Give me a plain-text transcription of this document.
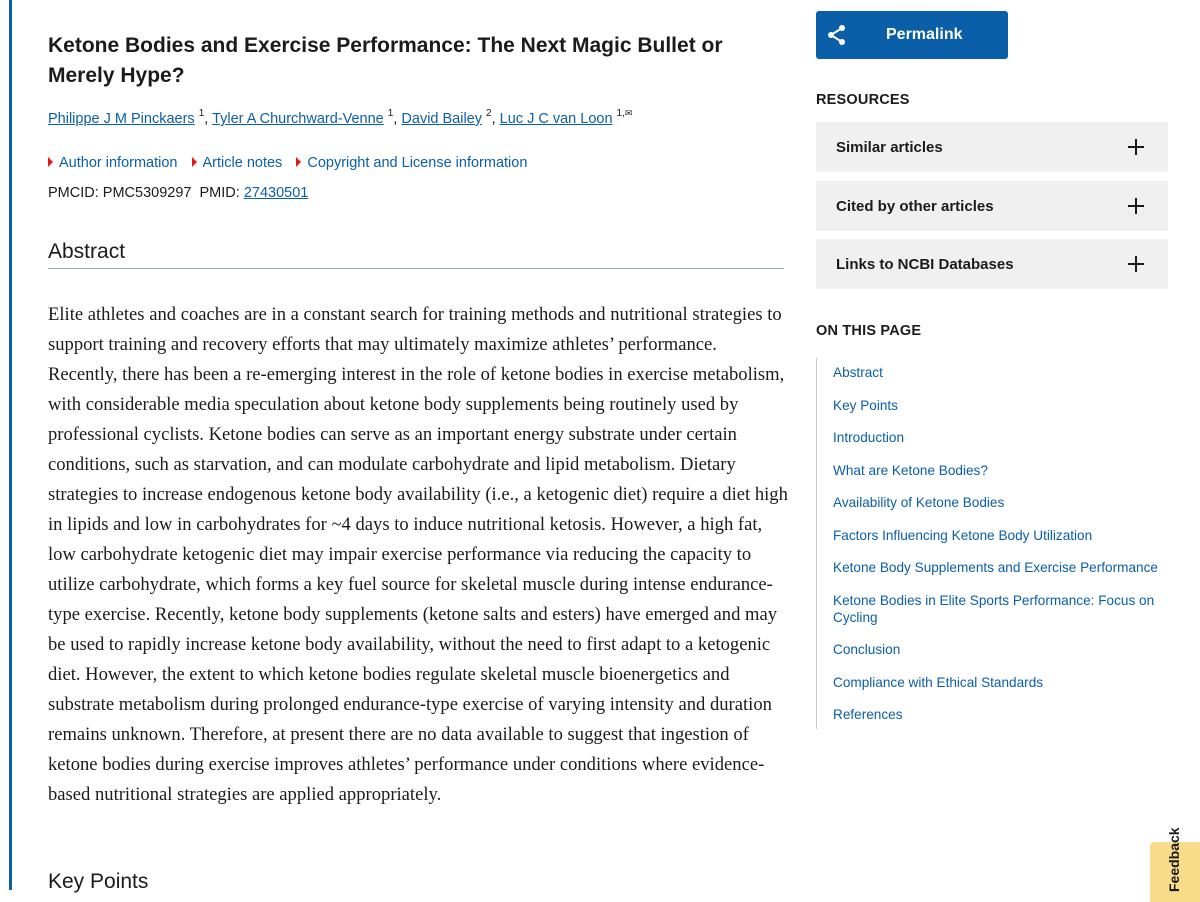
Ketone Bodies and Exercise Performance: The Next Magic Bullet or Merely Hype?
Philippe J M Pinckaers $^1$, Tyler A Churchward-Venne $^1$, David Bailey $^2$, Luc J C van Loon $^{1,✉}$
Author information Article notes Copyright and License information
PMCID: PMC5309297 PMID: 27430501
Abstract

Elite athletes and coaches are in a constant search for training methods and nutritional strategies to support training and recovery efforts that may ultimately maximize athletes’ performance. Recently, there has been a re-emerging interest in the role of ketone bodies in exercise metabolism, with considerable media speculation about ketone body supplements being routinely used by professional cyclists. Ketone bodies can serve as an important energy substrate under certain conditions, such as starvation, and can modulate carbohydrate and lipid metabolism. Dietary strategies to increase endogenous ketone body availability (i.e., a ketogenic diet) require a diet high in lipids and low in carbohydrates for ~4 days to induce nutritional ketosis. However, a high fat, low carbohydrate ketogenic diet may impair exercise performance via reducing the capacity to utilize carbohydrate, which forms a key fuel source for skeletal muscle during intense endurance-type exercise. Recently, ketone body supplements (ketone salts and esters) have emerged and may be used to rapidly increase ketone body availability, without the need to first adapt to a ketogenic diet. However, the extent to which ketone bodies regulate skeletal muscle bioenergetics and substrate metabolism during prolonged endurance-type exercise of varying intensity and duration remains unknown. Therefore, at present there are no data available to suggest that ingestion of ketone bodies during exercise improves athletes’ performance under conditions where evidence-based nutritional strategies are applied appropriately.

Key Points
Permalink
RESOURCES
Similar articles
Cited by other articles
Links to NCBI Databases
ON THIS PAGE
Abstract
Key Points
Introduction
What are Ketone Bodies?
Availability of Ketone Bodies
Factors Influencing Ketone Body Utilization
Ketone Body Supplements and Exercise Performance
Ketone Bodies in Elite Sports Performance: Focus on Cycling
Conclusion
Compliance with Ethical Standards
References
Feedback
